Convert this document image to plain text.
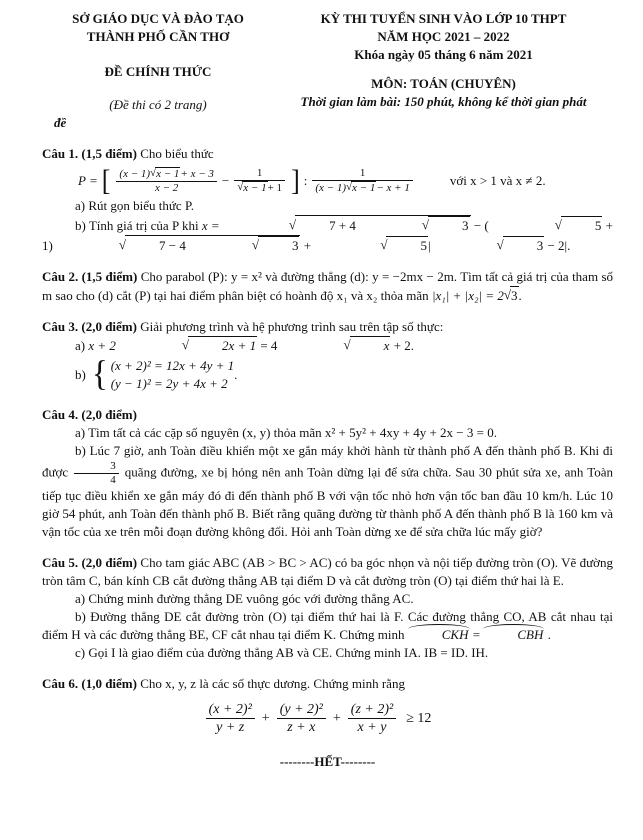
SỞ GIÁO DỤC VÀ ĐÀO TẠO
THÀNH PHỐ CẦN THƠ
ĐỀ CHÍNH THỨC
(Đề thi có 2 trang)
KỲ THI TUYỂN SINH VÀO LỚP 10 THPT
NĂM HỌC 2021 – 2022
Khóa ngày 05 tháng 6 năm 2021
MÔN: TOÁN (CHUYÊN)
Thời gian làm bài: 150 phút, không kể thời gian phát
đề

Câu 1. (1,5 điểm) Cho biểu thức

P = [ $\frac{(x - 1)√x - 1+ x - 3}{x - 2} - \frac{1}{√x - 1+ 1}$ ] : $\frac{1}{(x - 1)√x - 1- x + 1}$	với x > 1 và x ≠ 2.

a) Rút gọn biểu thức P.

b) Tính giá trị của P khi x =	√	7 + 4	√	3 − (	√	5 + 1)	√	7 − 4	√	3 +	√	5|	√	3 − 2|.

Câu 2. (1,5 điểm) Cho parabol (P): y = x² và đường thẳng (d): y = −2mx − 2m. Tìm tất cả giá trị của tham số m sao cho (d) cắt (P) tại hai điểm phân biệt có hoành độ x₁ và x₂ thỏa mãn |x₁| + |x₂| = 2√3.

Câu 3. (2,0 điểm) Giải phương trình và hệ phương trình sau trên tập số thực:

a) x + 2	√	2x + 1 = 4	√	x + 2.

b) { (x + 2)² = 12x + 4y + 1
(y − 1)² = 2y + 4x + 2
.

Câu 4. (2,0 điểm)

a) Tìm tất cả các cặp số nguyên (x, y) thỏa mãn x² + 5y² + 4xy + 4y + 2x − 3 = 0.

b) Lúc 7 giờ, anh Toàn điều khiển một xe gắn máy khởi hành từ thành phố A đến thành phố B. Khi đi được $\frac{3}{4}$ quãng đường, xe bị hỏng nên anh Toàn dừng lại để sửa chữa. Sau 30 phút sửa xe, anh Toàn tiếp tục điều khiển xe gắn máy đó đi đến thành phố B với vận tốc nhỏ hơn vận tốc ban đầu 10 km/h. Lúc 10 giờ 54 phút, anh Toàn đến thành phố B. Biết rằng quãng đường từ thành phố A đến thành phố B là 160 km và vận tốc của xe trên mỗi đoạn đường không đổi. Hỏi anh Toàn dừng xe để sửa chữa lúc mấy giờ?

Câu 5. (2,0 điểm) Cho tam giác ABC (AB > BC > AC) có ba góc nhọn và nội tiếp đường tròn (O). Vẽ đường tròn tâm C, bán kính CB cắt đường thẳng AB tại điểm D và cắt đường tròn (O) tại điểm thứ hai là E.

a) Chứng minh đường thẳng DE vuông góc với đường thẳng AC.

b) Đường thẳng DE cắt đường tròn (O) tại điểm thứ hai là F. Các đường thẳng CO, AB cắt nhau tại điểm H và các đường thẳng BE, CF cắt nhau tại điểm K. Chứng minh	CKH =	CBH .

c) Gọi I là giao điểm của đường thẳng AB và CE. Chứng minh IA. IB = ID. IH.

Câu 6. (1,0 điểm) Cho x, y, z là các số thực dương. Chứng minh rằng

$\frac{\text{(x + 2)²}}{y + z} + \frac{\text{(y + 2)²}}{z + x} + \frac{\text{(z + 2)²}}{x + y} \ge 12$
--------HẾT--------
